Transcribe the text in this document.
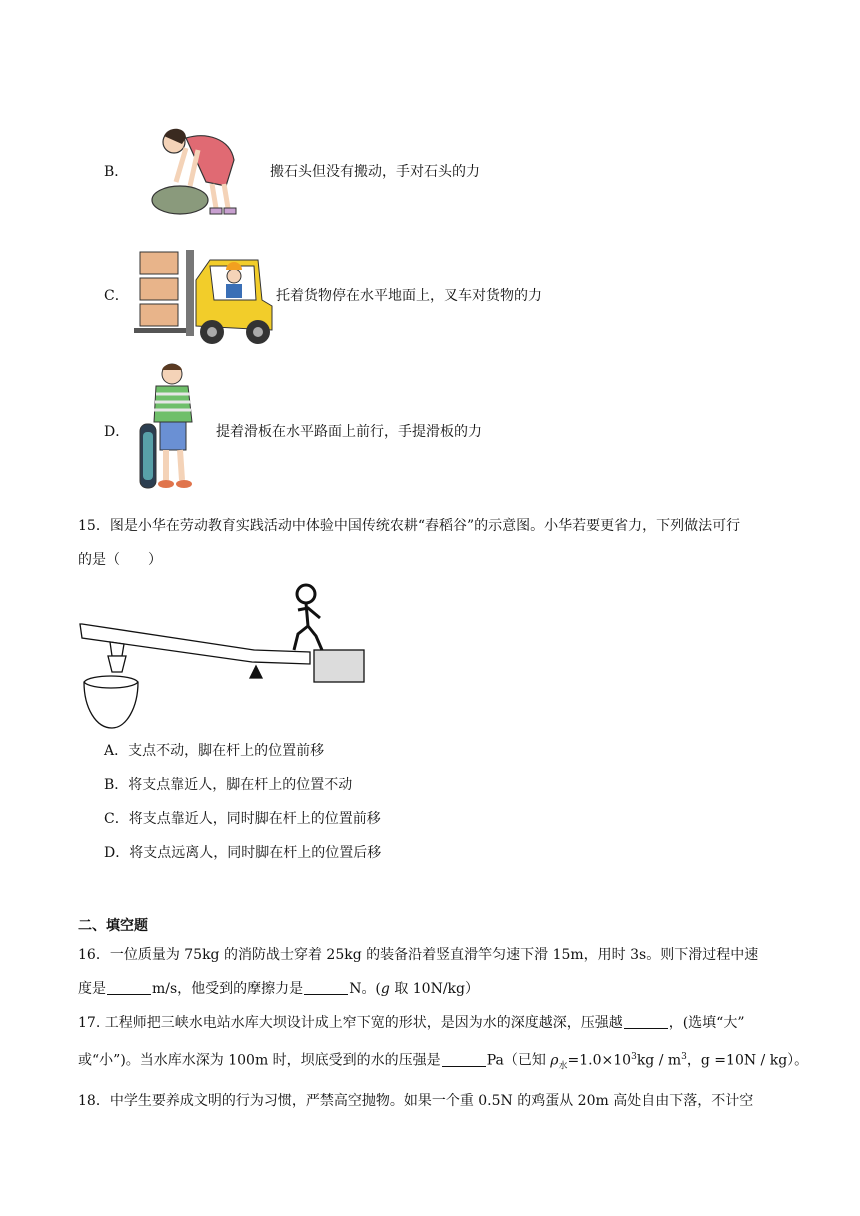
B．	搬石头但没有搬动，手对石头的力
C．	托着货物停在水平地面上，叉车对货物的力
D．	提着滑板在水平路面上前行，手提滑板的力
15．图是小华在劳动教育实践活动中体验中国传统农耕“舂稻谷”的示意图。小华若要更省力，下列做法可行
的是（　　）
A．支点不动，脚在杆上的位置前移
B．将支点靠近人，脚在杆上的位置不动
C．将支点靠近人，同时脚在杆上的位置前移
D．将支点远离人，同时脚在杆上的位置后移
二、填空题
16．一位质量为 75kg 的消防战士穿着 25kg 的装备沿着竖直滑竿匀速下滑 15m，用时 3s。则下滑过程中速
度是	m/s，他受到的摩擦力是	N。(g 取 10N/kg）
17. 工程师把三峡水电站水库大坝设计成上窄下宽的形状，是因为水的深度越深，压强越	，(选填“大”
或“小”)。当水库水深为 100m 时，坝底受到的水的压强是	Pa（已知 $\rho_水=1.0\times 10^3kg / m^3$，g =10N / kg）。
18．中学生要养成文明的行为习惯，严禁高空抛物。如果一个重 0.5N 的鸡蛋从 20m 高处自由下落，不计空
